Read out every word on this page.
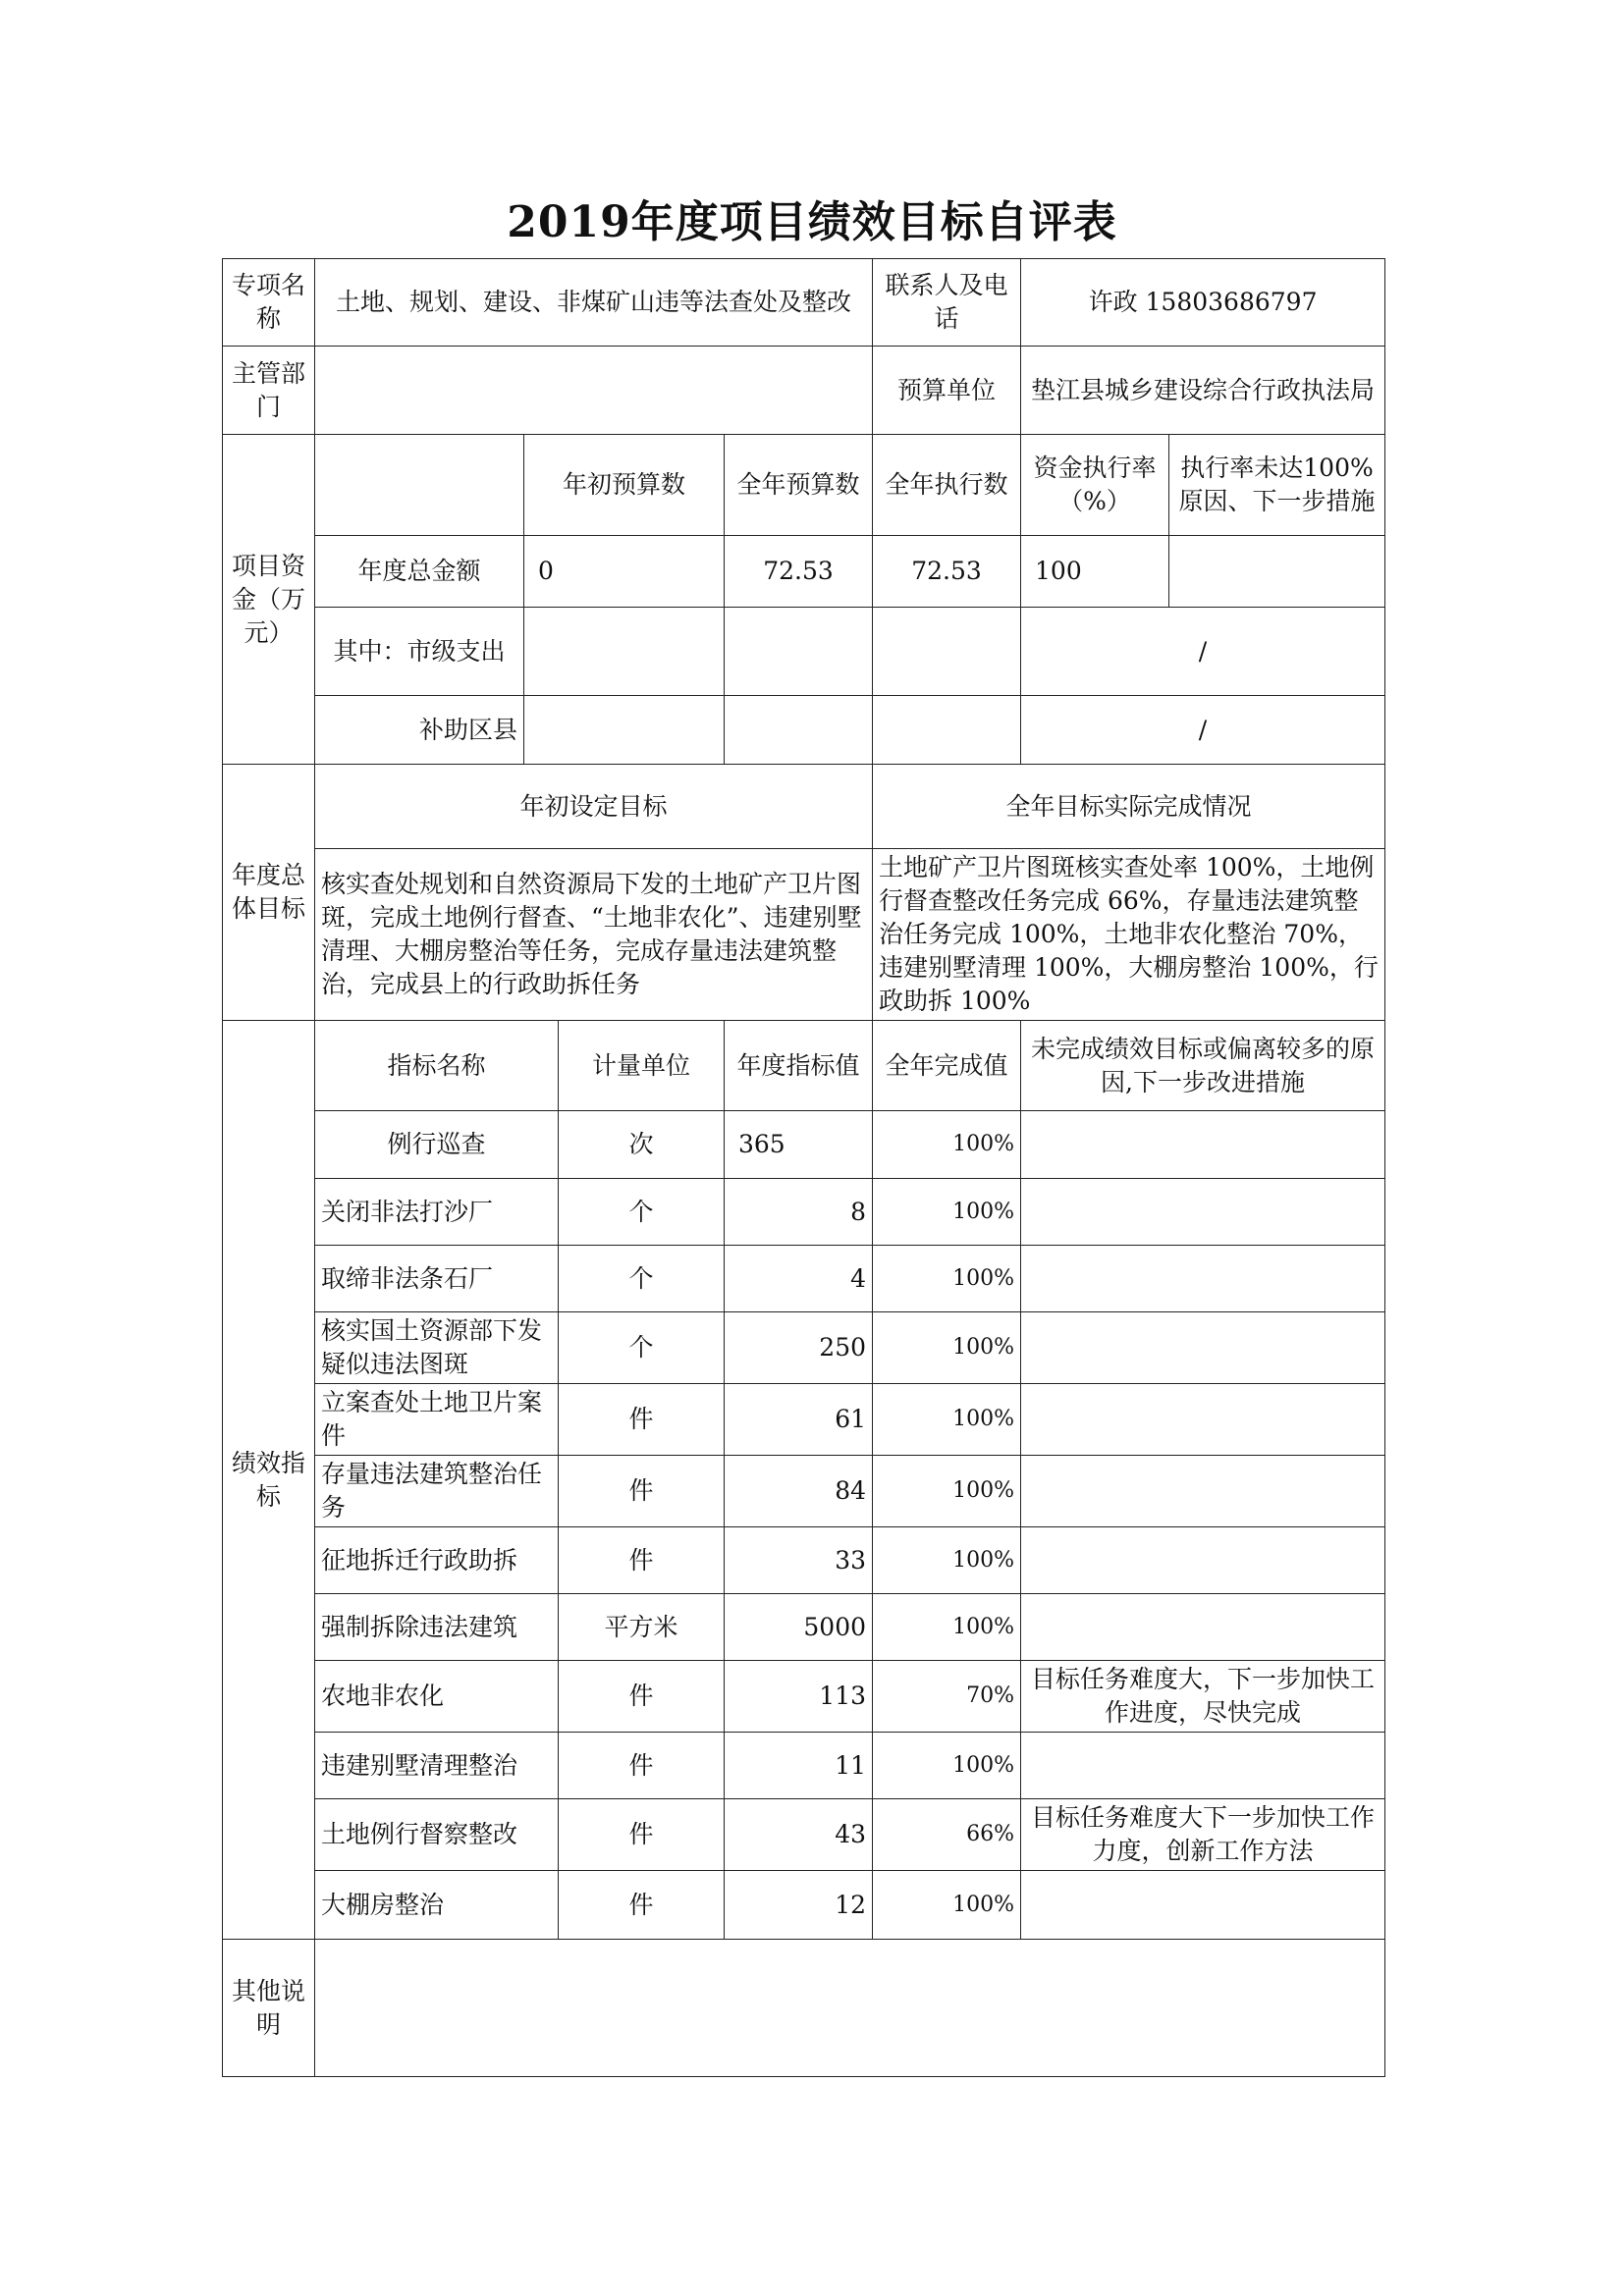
2019年度项目绩效目标自评表
专项名称	土地、规划、建设、非煤矿山违等法查处及整改				联系人及电话	许政 15803686797	
主管部门					预算单位	垫江县城乡建设综合行政执法局	
项目资金（万元）		年初预算数		全年预算数	全年执行数	资金执行率（%）	执行率未达100%原因、下一步措施
	年度总金额	0		72.53	72.53	100	
	其中：市级支出					/	
	补助区县					/	
年度总体目标	年初设定目标				全年目标实际完成情况		
	核实查处规划和自然资源局下发的土地矿产卫片图斑，完成土地例行督查、“土地非农化”、违建别墅清理、大棚房整治等任务，完成存量违法建筑整治，完成县上的行政助拆任务				土地矿产卫片图斑核实查处率 100%，土地例行督查整改任务完成 66%，存量违法建筑整治任务完成 100%，土地非农化整治 70%，违建别墅清理 100%，大棚房整治 100%，行政助拆 100%		
绩效指标	指标名称		计量单位	年度指标值	全年完成值	未完成绩效目标或偏离较多的原因,下一步改进措施	
	例行巡查		次	365	100%		
	关闭非法打沙厂		个	8	100%		
	取缔非法条石厂		个	4	100%		
	核实国土资源部下发疑似违法图斑		个	250	100%		
	立案查处土地卫片案件		件	61	100%		
	存量违法建筑整治任务		件	84	100%		
	征地拆迁行政助拆		件	33	100%		
	强制拆除违法建筑		平方米	5000	100%		
	农地非农化		件	113	70%	目标任务难度大，下一步加快工作进度，尽快完成	
	违建别墅清理整治		件	11	100%		
	土地例行督察整改		件	43	66%	目标任务难度大下一步加快工作力度，创新工作方法	
	大棚房整治		件	12	100%		
其他说明							
